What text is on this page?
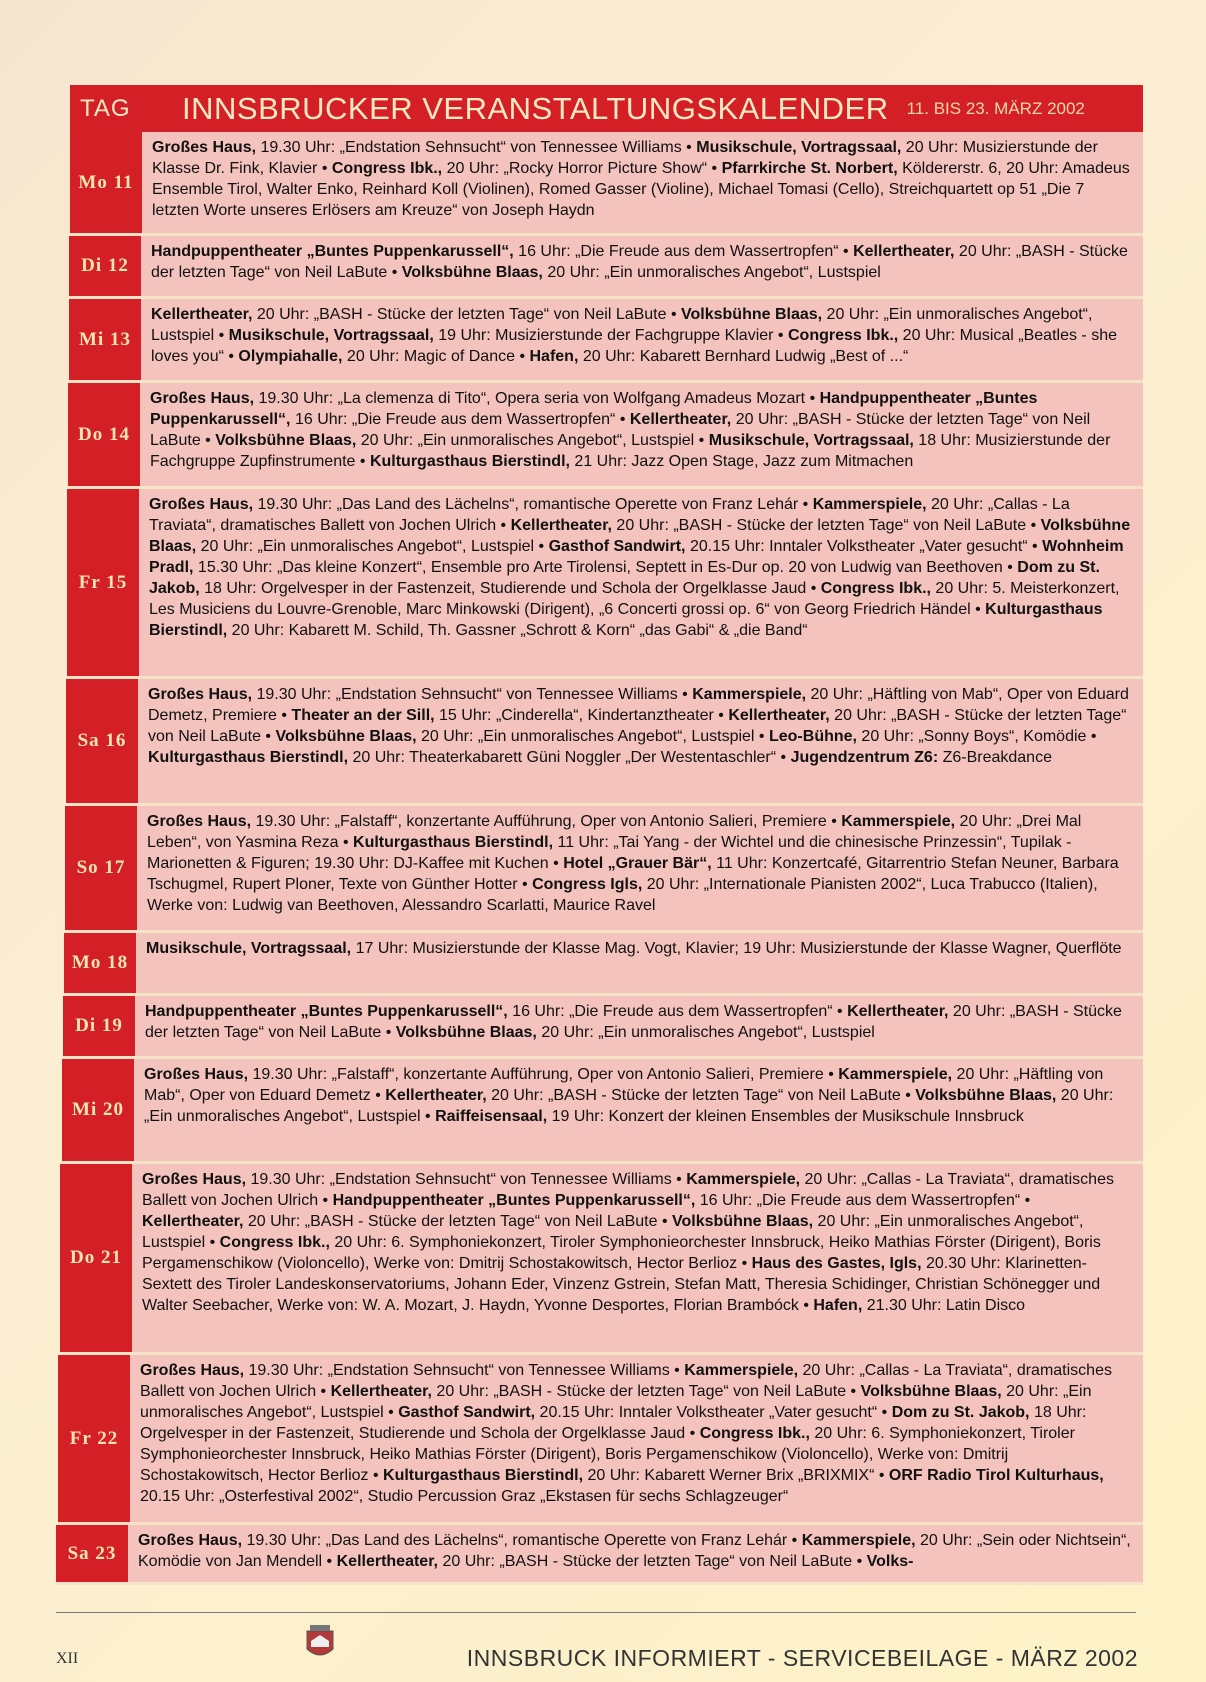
TAG	INNSBRUCKER VERANSTALTUNGSKALENDER 11. BIS 23. MÄRZ 2002
Mo 11
Großes Haus, 19.30 Uhr: „Endstation Sehnsucht“ von Tennessee Williams • Musikschule, Vortragssaal, 20 Uhr: Musizierstunde der Klasse Dr. Fink, Klavier • Congress Ibk., 20 Uhr: „Rocky Horror Picture Show“ • Pfarrkirche St. Norbert, Köldererstr. 6, 20 Uhr: Amadeus Ensemble Tirol, Walter Enko, Reinhard Koll (Violinen), Romed Gasser (Violine), Michael Tomasi (Cello), Streichquartett op 51 „Die 7 letzten Worte unseres Erlösers am Kreuze“ von Joseph Haydn
Di 12
Handpuppentheater „Buntes Puppenkarussell“, 16 Uhr: „Die Freude aus dem Wassertropfen“ • Kellertheater, 20 Uhr: „BASH - Stücke der letzten Tage“ von Neil LaBute • Volksbühne Blaas, 20 Uhr: „Ein unmoralisches Angebot“, Lustspiel
Mi 13
Kellertheater, 20 Uhr: „BASH - Stücke der letzten Tage“ von Neil LaBute • Volksbühne Blaas, 20 Uhr: „Ein unmoralisches Angebot“, Lustspiel • Musikschule, Vortragssaal, 19 Uhr: Musizierstunde der Fachgruppe Klavier • Congress Ibk., 20 Uhr: Musical „Beatles - she loves you“ • Olympiahalle, 20 Uhr: Magic of Dance • Hafen, 20 Uhr: Kabarett Bernhard Ludwig „Best of ...“
Do 14
Großes Haus, 19.30 Uhr: „La clemenza di Tito“, Opera seria von Wolfgang Amadeus Mozart • Handpuppentheater „Buntes Puppenkarussell“, 16 Uhr: „Die Freude aus dem Wassertropfen“ • Kellertheater, 20 Uhr: „BASH - Stücke der letzten Tage“ von Neil LaBute • Volksbühne Blaas, 20 Uhr: „Ein unmoralisches Angebot“, Lustspiel • Musikschule, Vortragssaal, 18 Uhr: Musizierstunde der Fachgruppe Zupfinstrumente • Kulturgasthaus Bierstindl, 21 Uhr: Jazz Open Stage, Jazz zum Mitmachen
Fr 15
Großes Haus, 19.30 Uhr: „Das Land des Lächelns“, romantische Operette von Franz Lehár • Kammerspiele, 20 Uhr: „Callas - La Traviata“, dramatisches Ballett von Jochen Ulrich • Kellertheater, 20 Uhr: „BASH - Stücke der letzten Tage“ von Neil LaBute • Volksbühne Blaas, 20 Uhr: „Ein unmoralisches Angebot“, Lustspiel • Gasthof Sandwirt, 20.15 Uhr: Inntaler Volkstheater „Vater gesucht“ • Wohnheim Pradl, 15.30 Uhr: „Das kleine Konzert“, Ensemble pro Arte Tirolensi, Septett in Es-Dur op. 20 von Ludwig van Beethoven • Dom zu St. Jakob, 18 Uhr: Orgelvesper in der Fastenzeit, Studierende und Schola der Orgelklasse Jaud • Congress Ibk., 20 Uhr: 5. Meisterkonzert, Les Musiciens du Louvre-Grenoble, Marc Minkowski (Dirigent), „6 Concerti grossi op. 6“ von Georg Friedrich Händel • Kulturgasthaus Bierstindl, 20 Uhr: Kabarett M. Schild, Th. Gassner „Schrott & Korn“ „das Gabi“ & „die Band“
Sa 16
Großes Haus, 19.30 Uhr: „Endstation Sehnsucht“ von Tennessee Williams • Kammerspiele, 20 Uhr: „Häftling von Mab“, Oper von Eduard Demetz, Premiere • Theater an der Sill, 15 Uhr: „Cinderella“, Kindertanztheater • Kellertheater, 20 Uhr: „BASH - Stücke der letzten Tage“ von Neil LaBute • Volksbühne Blaas, 20 Uhr: „Ein unmoralisches Angebot“, Lustspiel • Leo-Bühne, 20 Uhr: „Sonny Boys“, Komödie • Kulturgasthaus Bierstindl, 20 Uhr: Theaterkabarett Güni Noggler „Der Westentaschler“ • Jugendzentrum Z6: Z6-Breakdance
So 17
Großes Haus, 19.30 Uhr: „Falstaff“, konzertante Aufführung, Oper von Antonio Salieri, Premiere • Kammerspiele, 20 Uhr: „Drei Mal Leben“, von Yasmina Reza • Kulturgasthaus Bierstindl, 11 Uhr: „Tai Yang - der Wichtel und die chinesische Prinzessin“, Tupilak - Marionetten & Figuren; 19.30 Uhr: DJ-Kaffee mit Kuchen • Hotel „Grauer Bär“, 11 Uhr: Konzertcafé, Gitarrentrio Stefan Neuner, Barbara Tschugmel, Rupert Ploner, Texte von Günther Hotter • Congress Igls, 20 Uhr: „Internationale Pianisten 2002“, Luca Trabucco (Italien), Werke von: Ludwig van Beethoven, Alessandro Scarlatti, Maurice Ravel
Mo 18
Musikschule, Vortragssaal, 17 Uhr: Musizierstunde der Klasse Mag. Vogt, Klavier; 19 Uhr: Musizierstunde der Klasse Wagner, Querflöte
Di 19
Handpuppentheater „Buntes Puppenkarussell“, 16 Uhr: „Die Freude aus dem Wassertropfen“ • Kellertheater, 20 Uhr: „BASH - Stücke der letzten Tage“ von Neil LaBute • Volksbühne Blaas, 20 Uhr: „Ein unmoralisches Angebot“, Lustspiel
Mi 20
Großes Haus, 19.30 Uhr: „Falstaff“, konzertante Aufführung, Oper von Antonio Salieri, Premiere • Kammerspiele, 20 Uhr: „Häftling von Mab“, Oper von Eduard Demetz • Kellertheater, 20 Uhr: „BASH - Stücke der letzten Tage“ von Neil LaBute • Volksbühne Blaas, 20 Uhr: „Ein unmoralisches Angebot“, Lustspiel • Raiffeisensaal, 19 Uhr: Konzert der kleinen Ensembles der Musikschule Innsbruck
Do 21
Großes Haus, 19.30 Uhr: „Endstation Sehnsucht“ von Tennessee Williams • Kammerspiele, 20 Uhr: „Callas - La Traviata“, dramatisches Ballett von Jochen Ulrich • Handpuppentheater „Buntes Puppenkarussell“, 16 Uhr: „Die Freude aus dem Wassertropfen“ • Kellertheater, 20 Uhr: „BASH - Stücke der letzten Tage“ von Neil LaBute • Volksbühne Blaas, 20 Uhr: „Ein unmoralisches Angebot“, Lustspiel • Congress Ibk., 20 Uhr: 6. Symphoniekonzert, Tiroler Symphonieorchester Innsbruck, Heiko Mathias Förster (Dirigent), Boris Pergamenschikow (Violoncello), Werke von: Dmitrij Schostakowitsch, Hector Berlioz • Haus des Gastes, Igls, 20.30 Uhr: Klarinetten-Sextett des Tiroler Landeskonservatoriums, Johann Eder, Vinzenz Gstrein, Stefan Matt, Theresia Schidinger, Christian Schönegger und Walter Seebacher, Werke von: W. A. Mozart, J. Haydn, Yvonne Desportes, Florian Brambóck • Hafen, 21.30 Uhr: Latin Disco
Fr 22
Großes Haus, 19.30 Uhr: „Endstation Sehnsucht“ von Tennessee Williams • Kammerspiele, 20 Uhr: „Callas - La Traviata“, dramatisches Ballett von Jochen Ulrich • Kellertheater, 20 Uhr: „BASH - Stücke der letzten Tage“ von Neil LaBute • Volksbühne Blaas, 20 Uhr: „Ein unmoralisches Angebot“, Lustspiel • Gasthof Sandwirt, 20.15 Uhr: Inntaler Volkstheater „Vater gesucht“ • Dom zu St. Jakob, 18 Uhr: Orgelvesper in der Fastenzeit, Studierende und Schola der Orgelklasse Jaud • Congress Ibk., 20 Uhr: 6. Symphoniekonzert, Tiroler Symphonieorchester Innsbruck, Heiko Mathias Förster (Dirigent), Boris Pergamenschikow (Violoncello), Werke von: Dmitrij Schostakowitsch, Hector Berlioz • Kulturgasthaus Bierstindl, 20 Uhr: Kabarett Werner Brix „BRIXMIX“ • ORF Radio Tirol Kulturhaus, 20.15 Uhr: „Osterfestival 2002“, Studio Percussion Graz „Ekstasen für sechs Schlagzeuger“
Sa 23
Großes Haus, 19.30 Uhr: „Das Land des Lächelns“, romantische Operette von Franz Lehár • Kammerspiele, 20 Uhr: „Sein oder Nichtsein“, Komödie von Jan Mendell • Kellertheater, 20 Uhr: „BASH - Stücke der letzten Tage“ von Neil LaBute • Volks-
XII	INNSBRUCK INFORMIERT - SERVICEBEILAGE - MÄRZ 2002
